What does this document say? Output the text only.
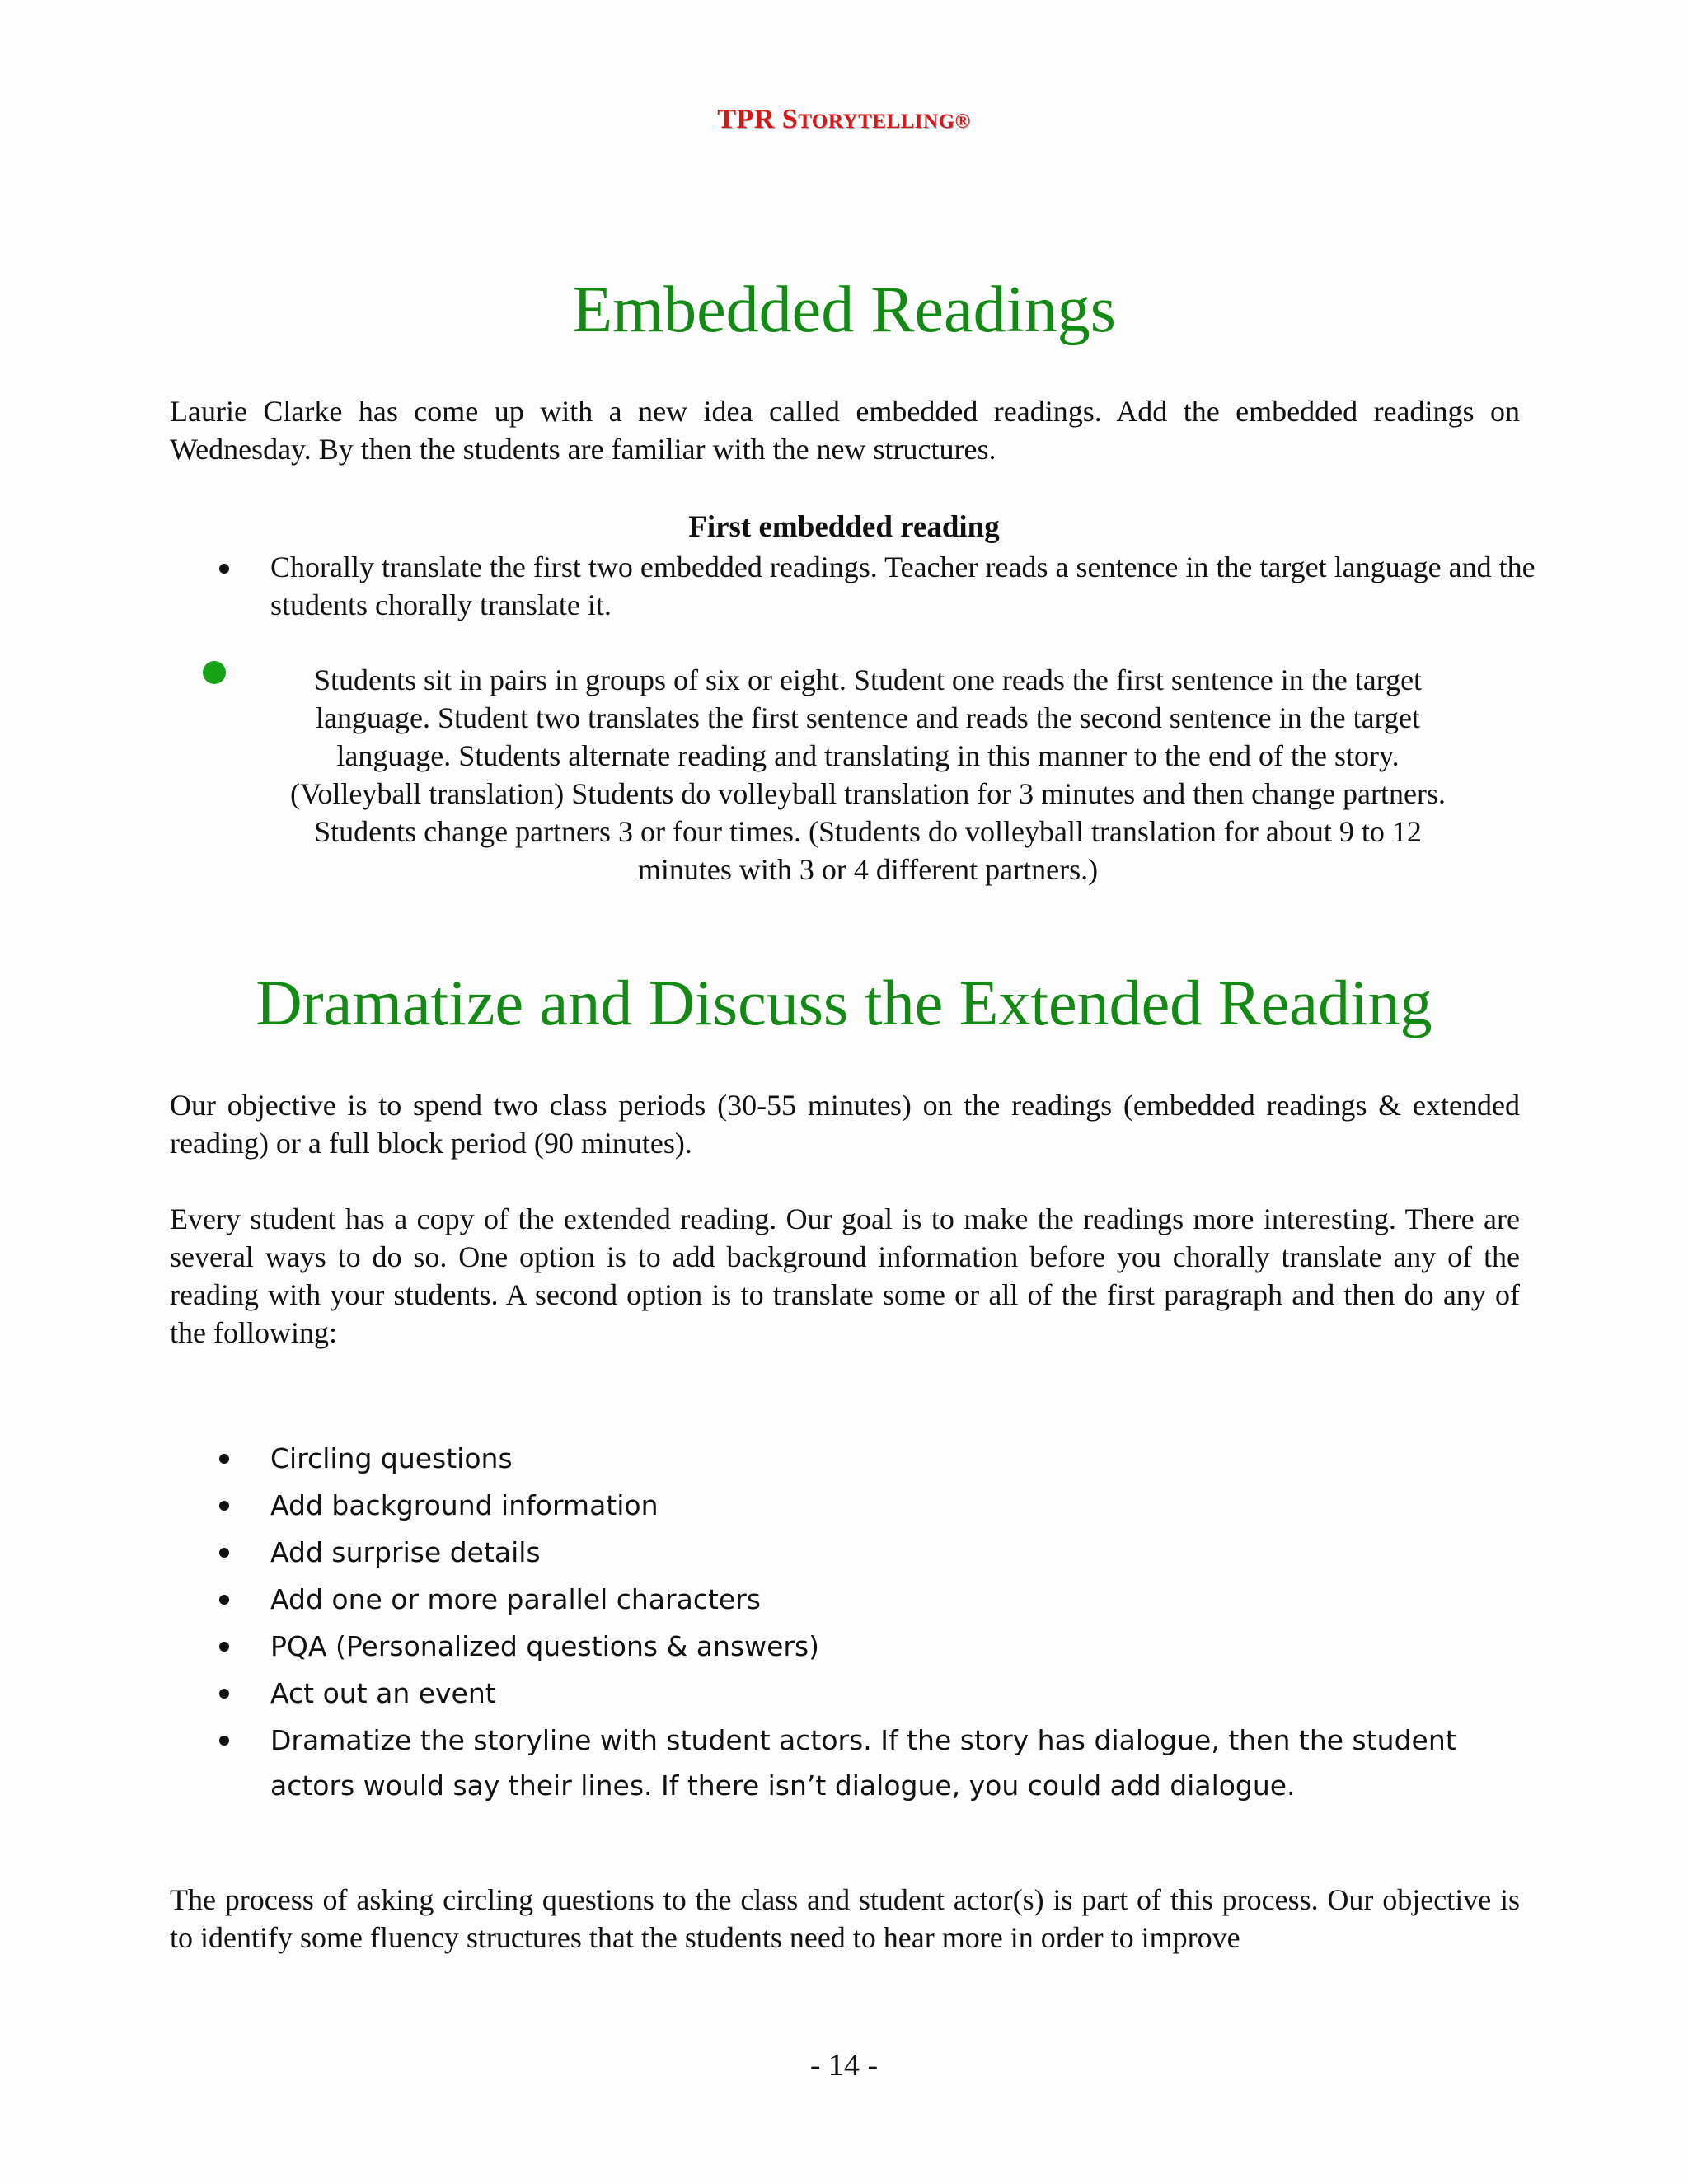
TPR STORYTELLING®
Embedded Readings

Laurie Clarke has come up with a new idea called embedded readings. Add the embedded readings on Wednesday. By then the students are familiar with the new structures.

First embedded reading

Chorally translate the first two embedded readings. Teacher reads a sentence in the target language and the students chorally translate it.
Students sit in pairs in groups of six or eight. Student one reads the first sentence in the target
language. Student two translates the first sentence and reads the second sentence in the target
language. Students alternate reading and translating in this manner to the end of the story.
(Volleyball translation) Students do volleyball translation for 3 minutes and then change partners.
Students change partners 3 or four times. (Students do volleyball translation for about 9 to 12
minutes with 3 or 4 different partners.)
Dramatize and Discuss the Extended Reading

Our objective is to spend two class periods (30-55 minutes) on the readings (embedded readings & extended reading) or a full block period (90 minutes).

Every student has a copy of the extended reading. Our goal is to make the readings more interesting. There are several ways to do so. One option is to add background information before you chorally translate any of the reading with your students. A second option is to translate some or all of the first paragraph and then do any of the following:

Circling questions
Add background information
Add surprise details
Add one or more parallel characters
PQA (Personalized questions & answers)
Act out an event
Dramatize the storyline with student actors. If the story has dialogue, then the student actors would say their lines. If there isn’t dialogue, you could add dialogue.

The process of asking circling questions to the class and student actor(s) is part of this process. Our objective is to identify some fluency structures that the students need to hear more in order to improve

- 14 -
